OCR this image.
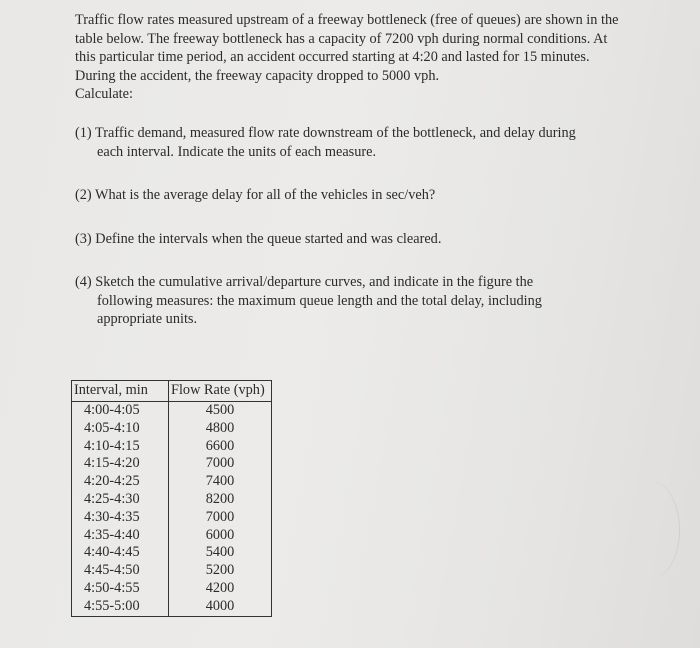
Traffic flow rates measured upstream of a freeway bottleneck (free of queues) are shown in the table below. The freeway bottleneck has a capacity of 7200 vph during normal conditions. At this particular time period, an accident occurred starting at 4:20 and lasted for 15 minutes. During the accident, the freeway capacity dropped to 5000 vph.

Calculate:

(1) Traffic demand, measured flow rate downstream of the bottleneck, and delay during
each interval. Indicate the units of each measure.
(2) What is the average delay for all of the vehicles in sec/veh?
(3) Define the intervals when the queue started and was cleared.
(4) Sketch the cumulative arrival/departure curves, and indicate in the figure the
following measures: the maximum queue length and the total delay, including
appropriate units.
Interval, min	Flow Rate (vph)
4:00-4:05	4500
4:05-4:10	4800
4:10-4:15	6600
4:15-4:20	7000
4:20-4:25	7400
4:25-4:30	8200
4:30-4:35	7000
4:35-4:40	6000
4:40-4:45	5400
4:45-4:50	5200
4:50-4:55	4200
4:55-5:00	4000
